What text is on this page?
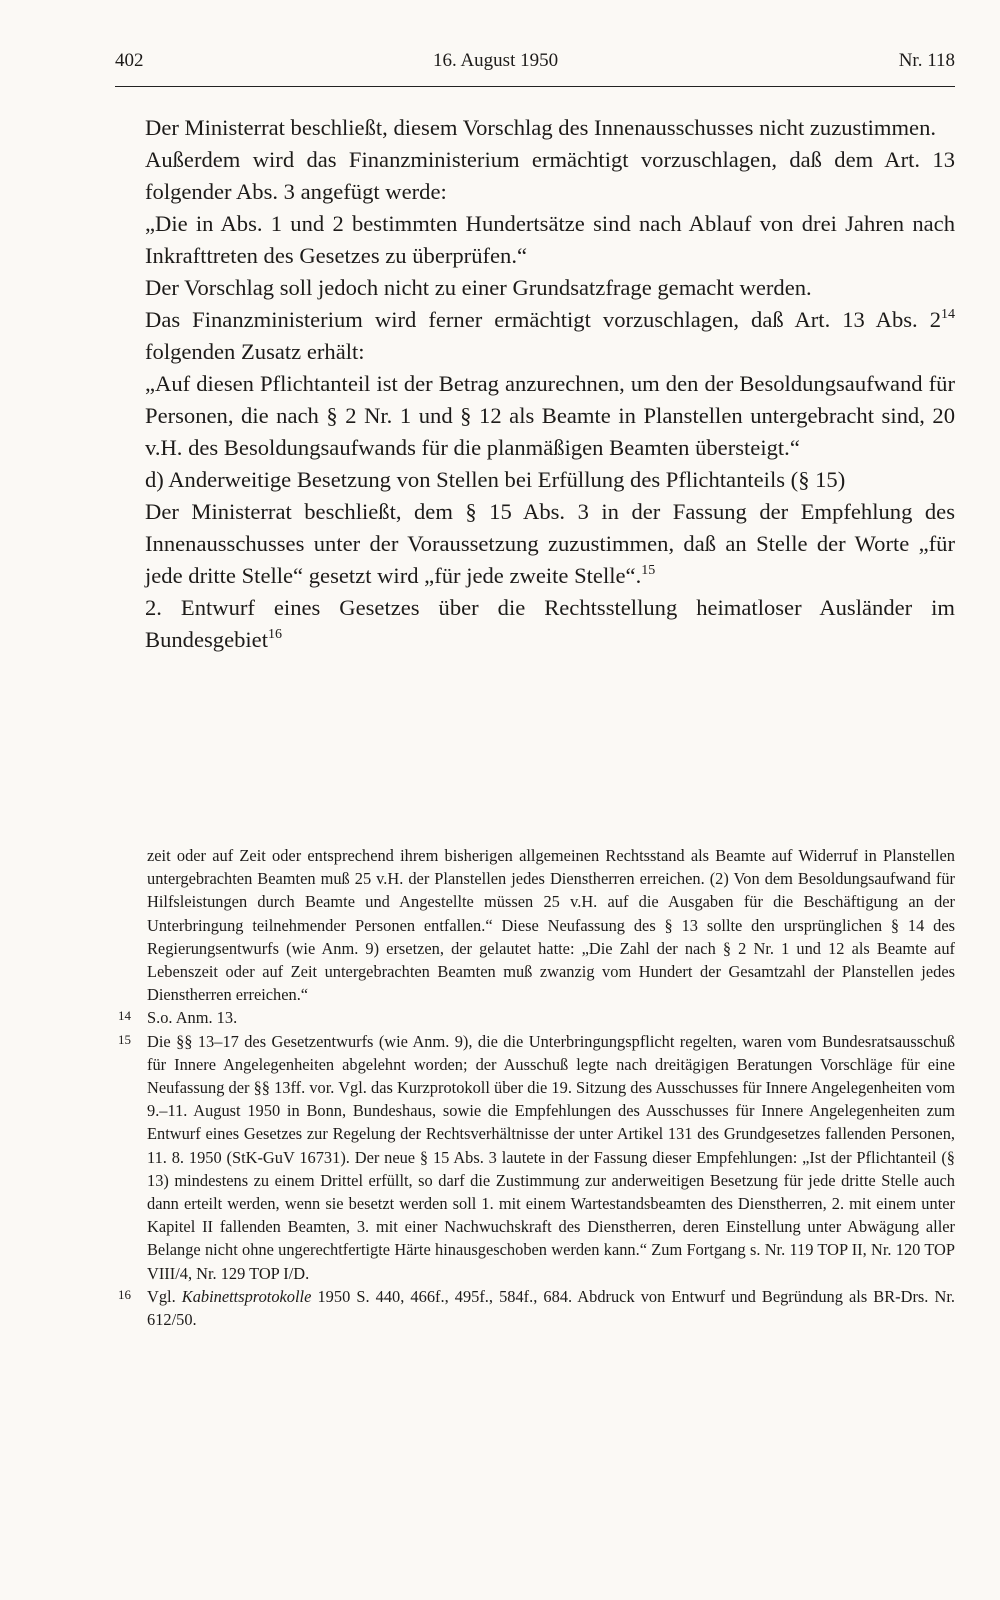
402	16. August 1950	Nr. 118

Der Ministerrat beschließt, diesem Vorschlag des Innenausschusses nicht zuzustimmen.

Außerdem wird das Finanzministerium ermächtigt vorzuschlagen, daß dem Art. 13 folgender Abs. 3 angefügt werde:

„Die in Abs. 1 und 2 bestimmten Hundertsätze sind nach Ablauf von drei Jahren nach Inkrafttreten des Gesetzes zu überprüfen.“

Der Vorschlag soll jedoch nicht zu einer Grundsatzfrage gemacht werden.

Das Finanzministerium wird ferner ermächtigt vorzuschlagen, daß Art. 13 Abs. $2^{14}$ folgenden Zusatz erhält:

„Auf diesen Pflichtanteil ist der Betrag anzurechnen, um den der Besoldungsaufwand für Personen, die nach § 2 Nr. 1 und § 12 als Beamte in Planstellen untergebracht sind, 20 v.H. des Besoldungsaufwands für die planmäßigen Beamten übersteigt.“

d) Anderweitige Besetzung von Stellen bei Erfüllung des Pflichtanteils (§ 15)

Der Ministerrat beschließt, dem § 15 Abs. 3 in der Fassung der Empfehlung des Innenausschusses unter der Voraussetzung zuzustimmen, daß an Stelle der Worte „für jede dritte Stelle“ gesetzt wird „für jede zweite Stelle“.$^{15}$

2. Entwurf eines Gesetzes über die Rechtsstellung heimatloser Ausländer im Bundesgebiet$^{16}$

zeit oder auf Zeit oder entsprechend ihrem bisherigen allgemeinen Rechtsstand als Beamte auf Widerruf in Planstellen untergebrachten Beamten muß 25 v.H. der Planstellen jedes Dienstherren erreichen. (2) Von dem Besoldungsaufwand für Hilfsleistungen durch Beamte und Angestellte müssen 25 v.H. auf die Ausgaben für die Beschäftigung an der Unterbringung teilnehmender Personen entfallen.“ Diese Neufassung des § 13 sollte den ursprünglichen § 14 des Regierungsentwurfs (wie Anm. 9) ersetzen, der gelautet hatte: „Die Zahl der nach § 2 Nr. 1 und 12 als Beamte auf Lebenszeit oder auf Zeit untergebrachten Beamten muß zwanzig vom Hundert der Gesamtzahl der Planstellen jedes Dienstherren erreichen.“

14 S.o. Anm. 13.

15 Die §§ 13–17 des Gesetzentwurfs (wie Anm. 9), die die Unterbringungspflicht regelten, waren vom Bundesratsausschuß für Innere Angelegenheiten abgelehnt worden; der Ausschuß legte nach dreitägigen Beratungen Vorschläge für eine Neufassung der §§ 13ff. vor. Vgl. das Kurzprotokoll über die 19. Sitzung des Ausschusses für Innere Angelegenheiten vom 9.–11. August 1950 in Bonn, Bundeshaus, sowie die Empfehlungen des Ausschusses für Innere Angelegenheiten zum Entwurf eines Gesetzes zur Regelung der Rechtsverhältnisse der unter Artikel 131 des Grundgesetzes fallenden Personen, 11. 8. 1950 (StK-GuV 16731). Der neue § 15 Abs. 3 lautete in der Fassung dieser Empfehlungen: „Ist der Pflichtanteil (§ 13) mindestens zu einem Drittel erfüllt, so darf die Zustimmung zur anderweitigen Besetzung für jede dritte Stelle auch dann erteilt werden, wenn sie besetzt werden soll 1. mit einem Wartestandsbeamten des Dienstherren, 2. mit einem unter Kapitel II fallenden Beamten, 3. mit einer Nachwuchskraft des Dienstherren, deren Einstellung unter Abwägung aller Belange nicht ohne ungerechtfertigte Härte hinausgeschoben werden kann.“ Zum Fortgang s. Nr. 119 TOP II, Nr. 120 TOP VIII/4, Nr. 129 TOP I/D.

16 Vgl. Kabinettsprotokolle 1950 S. 440, 466f., 495f., 584f., 684. Abdruck von Entwurf und Begründung als BR-Drs. Nr. 612/50.
